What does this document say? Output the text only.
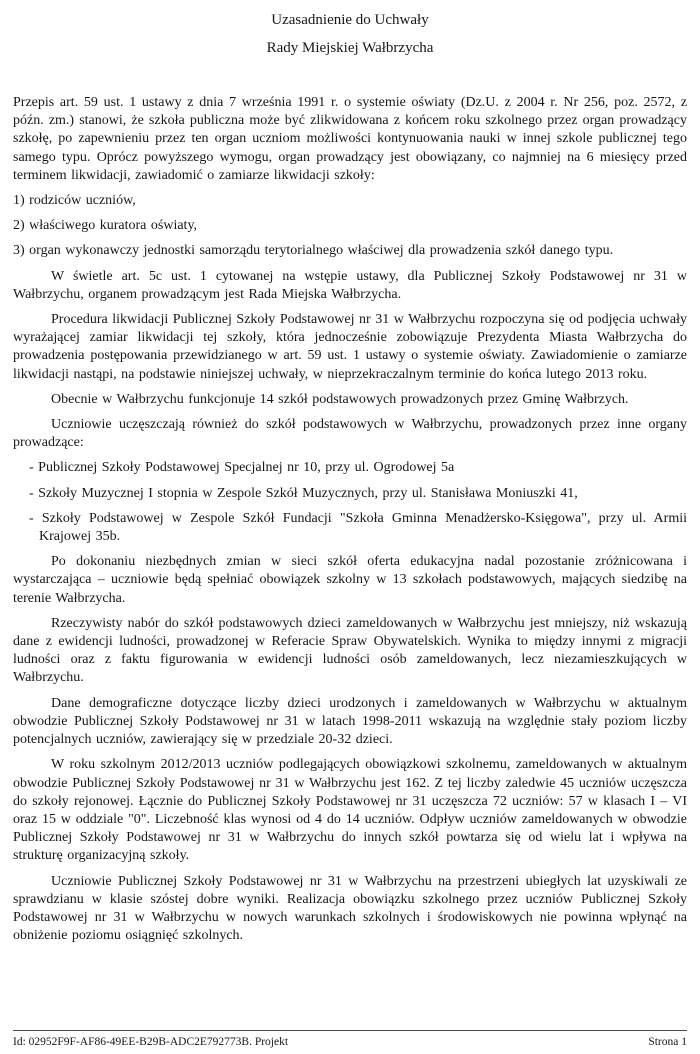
Uzasadnienie do Uchwały

Rady Miejskiej Wałbrzycha

Przepis art. 59 ust. 1 ustawy z dnia 7 września 1991 r. o systemie oświaty (Dz.U. z 2004 r. Nr 256, poz. 2572, z późn. zm.) stanowi, że szkoła publiczna może być zlikwidowana z końcem roku szkolnego przez organ prowadzący szkołę, po zapewnieniu przez ten organ uczniom możliwości kontynuowania nauki w innej szkole publicznej tego samego typu. Oprócz powyższego wymogu, organ prowadzący jest obowiązany, co najmniej na 6 miesięcy przed terminem likwidacji, zawiadomić o zamiarze likwidacji szkoły:

1) rodziców uczniów,

2) właściwego kuratora oświaty,

3) organ wykonawczy jednostki samorządu terytorialnego właściwej dla prowadzenia szkół danego typu.

W świetle art. 5c ust. 1 cytowanej na wstępie ustawy, dla Publicznej Szkoły Podstawowej nr 31 w Wałbrzychu, organem prowadzącym jest Rada Miejska Wałbrzycha.

Procedura likwidacji Publicznej Szkoły Podstawowej nr 31 w Wałbrzychu rozpoczyna się od podjęcia uchwały wyrażającej zamiar likwidacji tej szkoły, która jednocześnie zobowiązuje Prezydenta Miasta Wałbrzycha do prowadzenia postępowania przewidzianego w art. 59 ust. 1 ustawy o systemie oświaty. Zawiadomienie o zamiarze likwidacji nastąpi, na podstawie niniejszej uchwały, w nieprzekraczalnym terminie do końca lutego 2013 roku.

Obecnie w Wałbrzychu funkcjonuje 14 szkół podstawowych prowadzonych przez Gminę Wałbrzych.

Uczniowie uczęszczają również do szkół podstawowych w Wałbrzychu, prowadzonych przez inne organy prowadzące:

- Publicznej Szkoły Podstawowej Specjalnej nr 10, przy ul. Ogrodowej 5a

- Szkoły Muzycznej I stopnia w Zespole Szkół Muzycznych, przy ul. Stanisława Moniuszki 41,

- Szkoły Podstawowej w Zespole Szkół Fundacji "Szkoła Gminna Menadżersko-Księgowa", przy ul. Armii Krajowej 35b.

Po dokonaniu niezbędnych zmian w sieci szkół oferta edukacyjna nadal pozostanie zróżnicowana i wystarczająca – uczniowie będą spełniać obowiązek szkolny w 13 szkołach podstawowych, mających siedzibę na terenie Wałbrzycha.

Rzeczywisty nabór do szkół podstawowych dzieci zameldowanych w Wałbrzychu jest mniejszy, niż wskazują dane z ewidencji ludności, prowadzonej w Referacie Spraw Obywatelskich. Wynika to między innymi z migracji ludności oraz z faktu figurowania w ewidencji ludności osób zameldowanych, lecz niezamieszkujących w Wałbrzychu.

Dane demograficzne dotyczące liczby dzieci urodzonych i zameldowanych w Wałbrzychu w aktualnym obwodzie Publicznej Szkoły Podstawowej nr 31 w latach 1998-2011 wskazują na względnie stały poziom liczby potencjalnych uczniów, zawierający się w przedziale 20-32 dzieci.

W roku szkolnym 2012/2013 uczniów podlegających obowiązkowi szkolnemu, zameldowanych w aktualnym obwodzie Publicznej Szkoły Podstawowej nr 31 w Wałbrzychu jest 162. Z tej liczby zaledwie 45 uczniów uczęszcza do szkoły rejonowej. Łącznie do Publicznej Szkoły Podstawowej nr 31 uczęszcza 72 uczniów: 57 w klasach I – VI oraz 15 w oddziale "0". Liczebność klas wynosi od 4 do 14 uczniów. Odpływ uczniów zameldowanych w obwodzie Publicznej Szkoły Podstawowej nr 31 w Wałbrzychu do innych szkół powtarza się od wielu lat i wpływa na strukturę organizacyjną szkoły.

Uczniowie Publicznej Szkoły Podstawowej nr 31 w Wałbrzychu na przestrzeni ubiegłych lat uzyskiwali ze sprawdzianu w klasie szóstej dobre wyniki. Realizacja obowiązku szkolnego przez uczniów Publicznej Szkoły Podstawowej nr 31 w Wałbrzychu w nowych warunkach szkolnych i środowiskowych nie powinna wpłynąć na obniżenie poziomu osiągnięć szkolnych.

Id: 02952F9F-AF86-49EE-B29B-ADC2E792773B. Projekt	Strona 1
